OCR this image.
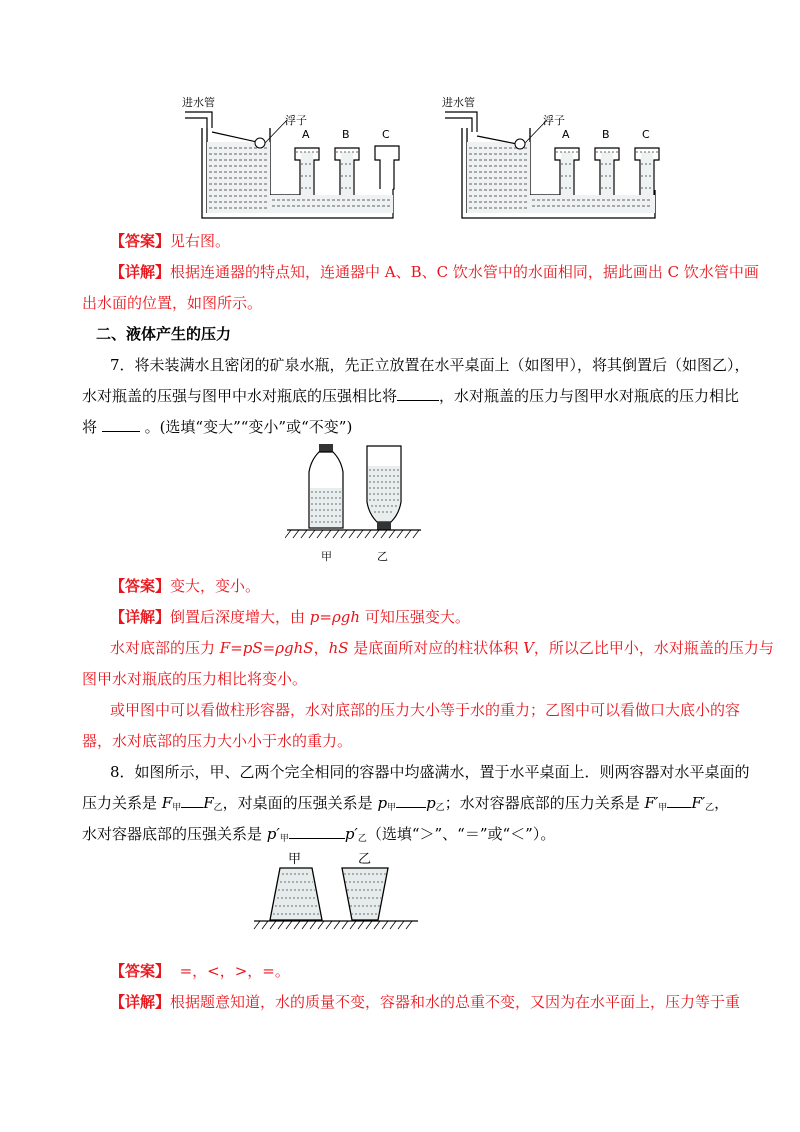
进水管
浮子
A	B	C
进水管
浮子
A	B	C
【答案】见右图。
【详解】根据连通器的特点知，连通器中 A、B、C 饮水管中的水面相同，据此画出 C 饮水管中画
出水面的位置，如图所示。
二、液体产生的压力
7．将未装满水且密闭的矿泉水瓶，先正立放置在水平桌面上（如图甲），将其倒置后（如图乙），
水对瓶盖的压强与图甲中水对瓶底的压强相比将	，水对瓶盖的压力与图甲水对瓶底的压力相比
将	。(选填“变大”“变小”或“不变”)
甲	乙
【答案】变大，变小。
【详解】倒置后深度增大，由 p=ρgh 可知压强变大。
水对底部的压力 F=pS=ρghS，hS 是底面所对应的柱状体积 V，所以乙比甲小，水对瓶盖的压力与
图甲水对瓶底的压力相比将变小。
或甲图中可以看做柱形容器，水对底部的压力大小等于水的重力；乙图中可以看做口大底小的容
器，水对底部的压力大小小于水的重力。
8．如图所示，甲、乙两个完全相同的容器中均盛满水，置于水平桌面上．则两容器对水平桌面的
压力关系是 $F_甲$ $F_乙$，对桌面的压强关系是 $p_甲$ $p_乙$；水对容器底部的压力关系是 $F'_甲$ $F'_乙$，
水对容器底部的压强关系是 $p'_甲$	$p'_乙$（选填“＞”、“＝”或“＜”）。
甲	乙
【答案】 =，<，>，=。
【详解】根据题意知道，水的质量不变，容器和水的总重不变，又因为在水平面上，压力等于重
